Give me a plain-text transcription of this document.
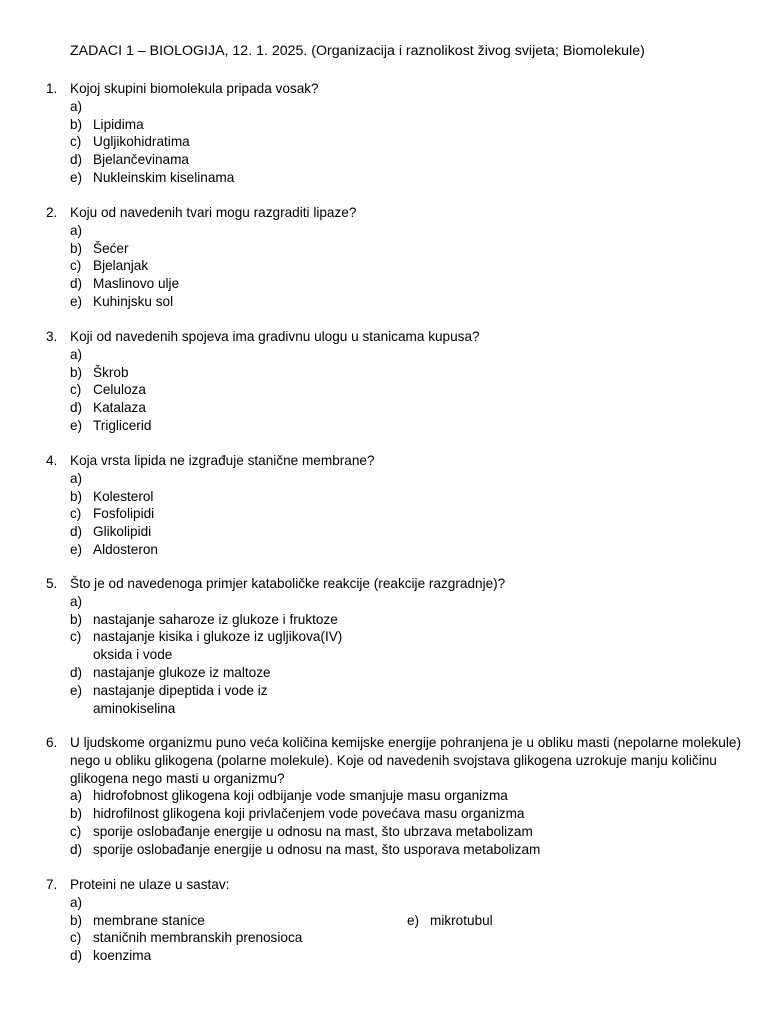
ZADACI 1 – BIOLOGIJA, 12. 1. 2025. (Organizacija i raznolikost živog svijeta; Biomolekule)
1. Kojoj skupini biomolekula pripada vosak?
a)

b) Lipidima
c) Ugljikohidratima
d) Bjelančevinama
e) Nukleinskim kiselinama
2. Koju od navedenih tvari mogu razgraditi lipaze?
a)

b) Šećer
c) Bjelanjak
d) Maslinovo ulje
e) Kuhinjsku sol
3. Koji od navedenih spojeva ima gradivnu ulogu u stanicama kupusa?
a)

b) Škrob
c) Celuloza
d) Katalaza
e) Triglicerid
4. Koja vrsta lipida ne izgrađuje stanične membrane?
a)

b) Kolesterol
c) Fosfolipidi
d) Glikolipidi
e) Aldosteron
5. Što je od navedenoga primjer kataboličke reakcije (reakcije razgradnje)?
a)

b) nastajanje saharoze iz glukoze i fruktoze
c) nastajanje kisika i glukoze iz ugljikova(IV) oksida i vode
d) nastajanje glukoze iz maltoze
e) nastajanje dipeptida i vode iz aminokiselina
6. U ljudskome organizmu puno veća količina kemijske energije pohranjena je u obliku masti (nepolarne molekule) nego u obliku glikogena (polarne molekule). Koje od navedenih svojstava glikogena uzrokuje manju količinu glikogena nego masti u organizmu?
a) hidrofobnost glikogena koji odbijanje vode smanjuje masu organizma
b) hidrofilnost glikogena koji privlačenjem vode povećava masu organizma
c) sporije oslobađanje energije u odnosu na mast, što ubrzava metabolizam
d) sporije oslobađanje energije u odnosu na mast, što usporava metabolizam
7. Proteini ne ulaze u sastav:
a)

b) membrane stanice	e) mikrotubul
c) staničnih membranskih prenosioca
d) koenzima
